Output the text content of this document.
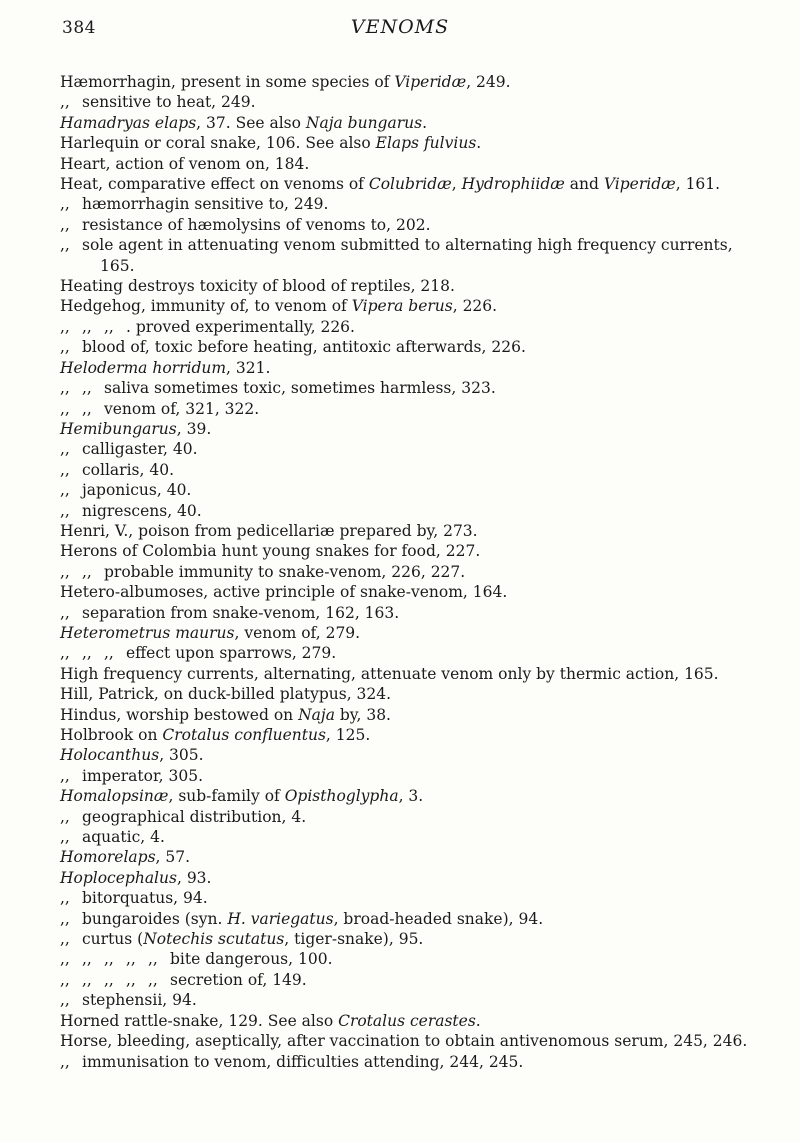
384	VENOMS
Hæmorrhagin, present in some species of Viperidæ, 249.
,, sensitive to heat, 249.
Hamadryas elaps, 37. See also Naja bungarus.
Harlequin or coral snake, 106. See also Elaps fulvius.
Heart, action of venom on, 184.
Heat, comparative effect on venoms of Colubridæ, Hydrophiidæ and Viperidæ, 161.
,, hæmorrhagin sensitive to, 249.
,, resistance of hæmolysins of venoms to, 202.
,, sole agent in attenuating venom submitted to alternating high frequency currents,
165.
Heating destroys toxicity of blood of reptiles, 218.
Hedgehog, immunity of, to venom of Vipera berus, 226.
,, ,, ,, . proved experimentally, 226.
,, blood of, toxic before heating, antitoxic afterwards, 226.
Heloderma horridum, 321.
,, ,, saliva sometimes toxic, sometimes harmless, 323.
,, ,, venom of, 321, 322.
Hemibungarus, 39.
,, calligaster, 40.
,, collaris, 40.
,, japonicus, 40.
,, nigrescens, 40.
Henri, V., poison from pedicellariæ prepared by, 273.
Herons of Colombia hunt young snakes for food, 227.
,, ,, probable immunity to snake-venom, 226, 227.
Hetero-albumoses, active principle of snake-venom, 164.
,, separation from snake-venom, 162, 163.
Heterometrus maurus, venom of, 279.
,, ,, ,, effect upon sparrows, 279.
High frequency currents, alternating, attenuate venom only by thermic action, 165.
Hill, Patrick, on duck-billed platypus, 324.
Hindus, worship bestowed on Naja by, 38.
Holbrook on Crotalus confluentus, 125.
Holocanthus, 305.
,, imperator, 305.
Homalopsinæ, sub-family of Opisthoglypha, 3.
,, geographical distribution, 4.
,, aquatic, 4.
Homorelaps, 57.
Hoplocephalus, 93.
,, bitorquatus, 94.
,, bungaroides (syn. H. variegatus, broad-headed snake), 94.
,, curtus (Notechis scutatus, tiger-snake), 95.
,, ,, ,, ,, ,, bite dangerous, 100.
,, ,, ,, ,, ,, secretion of, 149.
,, stephensii, 94.
Horned rattle-snake, 129. See also Crotalus cerastes.
Horse, bleeding, aseptically, after vaccination to obtain antivenomous serum, 245, 246.
,, immunisation to venom, difficulties attending, 244, 245.
